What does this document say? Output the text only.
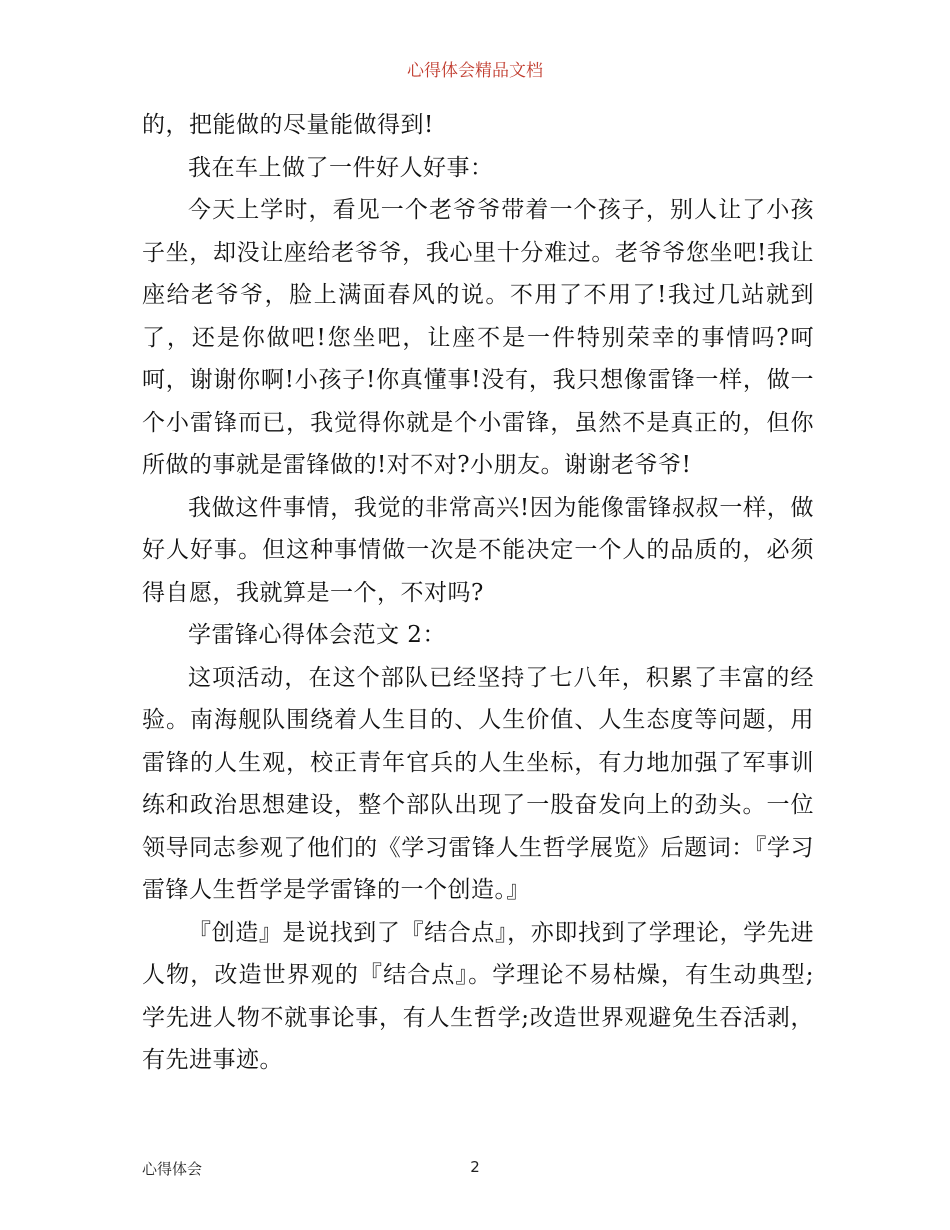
心得体会精品文档

的，把能做的尽量能做得到!

我在车上做了一件好人好事：

今天上学时，看见一个老爷爷带着一个孩子，别人让了小孩子坐，却没让座给老爷爷，我心里十分难过。老爷爷您坐吧!我让座给老爷爷，脸上满面春风的说。不用了不用了!我过几站就到了，还是你做吧!您坐吧，让座不是一件特别荣幸的事情吗?呵呵，谢谢你啊!小孩子!你真懂事!没有，我只想像雷锋一样，做一个小雷锋而已，我觉得你就是个小雷锋，虽然不是真正的，但你所做的事就是雷锋做的!对不对?小朋友。谢谢老爷爷!

我做这件事情，我觉的非常高兴!因为能像雷锋叔叔一样，做好人好事。但这种事情做一次是不能决定一个人的品质的，必须得自愿，我就算是一个，不对吗?

学雷锋心得体会范文 2：

这项活动，在这个部队已经坚持了七八年，积累了丰富的经验。南海舰队围绕着人生目的、人生价值、人生态度等问题，用雷锋的人生观，校正青年官兵的人生坐标，有力地加强了军事训练和政治思想建设，整个部队出现了一股奋发向上的劲头。一位领导同志参观了他们的《学习雷锋人生哲学展览》后题词：『学习雷锋人生哲学是学雷锋的一个创造。』

『创造』是说找到了『结合点』，亦即找到了学理论，学先进人物，改造世界观的『结合点』。学理论不易枯燥，有生动典型;学先进人物不就事论事，有人生哲学;改造世界观避免生吞活剥，有先进事迹。

心得体会	2
